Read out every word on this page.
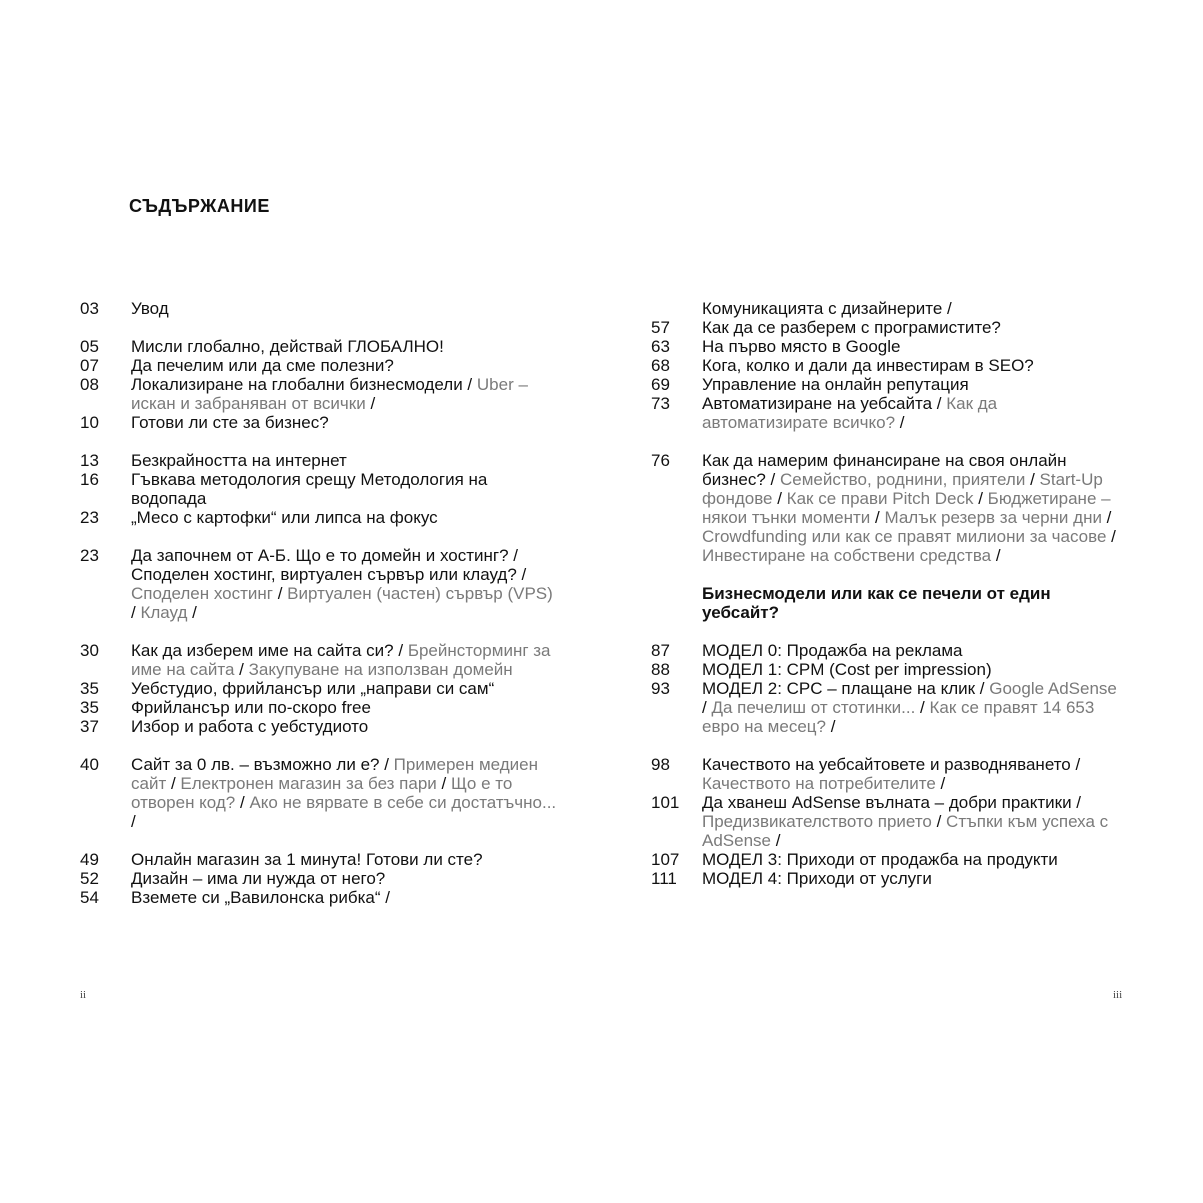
СЪДЪРЖАНИЕ
03	Увод
05	Мисли глобално, действай ГЛОБАЛНО!
07	Да печелим или да сме полезни?
08	Локализиране на глобални бизнесмодели / Uber – искан и забраняван от всички /
10	Готови ли сте за бизнес?
13	Безкрайността на интернет
16	Гъвкава методология срещу Методология на водопада
23	„Месо с картофки“ или липса на фокус
23	Да започнем от А-Б. Що е то домейн и хостинг? / Споделен хостинг, виртуален сървър или клауд? / Споделен хостинг / Виртуален (частен) сървър (VPS) / Клауд /
30	Как да изберем име на сайта си? / Брейнсторминг за име на сайта / Закупуване на използван домейн
35	Уебстудио, фрийлансър или „направи си сам“
35	Фрийлансър или по-скоро free
37	Избор и работа с уебстудиото
40	Сайт за 0 лв. – възможно ли е? / Примерен медиен сайт / Електронен магазин за без пари / Що е то отворен код? / Ако не вярвате в себе си достатъчно... /
49	Онлайн магазин за 1 минута! Готови ли сте?
52	Дизайн – има ли нужда от него?
54	Вземете си „Вавилонска рибка“ /
Комуникацията с дизайнерите /
57	Как да се разберем с програмистите?
63	На първо място в Google
68	Кога, колко и дали да инвестирам в SEO?
69	Управление на онлайн репутация
73	Автоматизиране на уебсайта / Как да автоматизирате всичко? /
76	Как да намерим финансиране на своя онлайн бизнес? / Семейство, роднини, приятели / Start-Up фондове / Как се прави Pitch Deck / Бюджетиране – някои тънки моменти / Малък резерв за черни дни / Crowdfunding или как се правят милиони за часове / Инвестиране на собствени средства /
Бизнесмодели или как се печели от един уебсайт?
87	МОДЕЛ 0: Продажба на реклама
88	МОДЕЛ 1: CPM (Cost per impression)
93	МОДЕЛ 2: CPC – плащане на клик / Google AdSense / Да печелиш от стотинки... / Как се правят 14 653 евро на месец? /
98	Качеството на уебсайтовете и разводняването / Качеството на потребителите /
101	Да хванеш AdSense вълната – добри практики / Предизвикателството прието / Стъпки към успеха с AdSense /
107	МОДЕЛ 3: Приходи от продажба на продукти
111	МОДЕЛ 4: Приходи от услуги
ii	iii
